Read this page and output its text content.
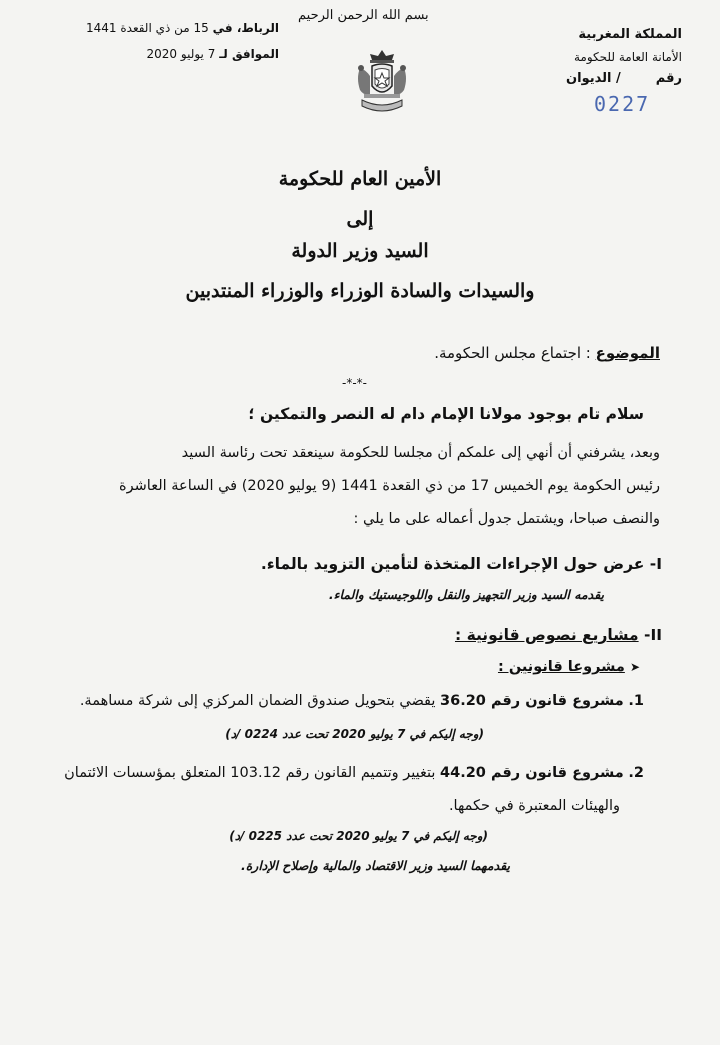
المملكة المغربية
الأمانة العامة للحكومة
رقم  / الديوان
0227
بسم الله الرحمن الرحيم
الرباط، في 15 من ذي القعدة 1441
الموافق لـ 7 يوليو 2020
الأمين العام للحكومة
إلى
السيد وزير الدولة
والسيدات والسادة الوزراء والوزراء المنتدبين
الموضوع : اجتماع مجلس الحكومة.
-*-*-
سلام تام بوجود مولانا الإمام دام له النصر والتمكين ؛
وبعد، يشرفني أن أنهي إلى علمكم أن مجلسا للحكومة سينعقد تحت رئاسة السيد
رئيس الحكومة يوم الخميس 17 من ذي القعدة 1441 (9 يوليو 2020) في الساعة العاشرة
والنصف صباحا، ويشتمل جدول أعماله على ما يلي :
I- عرض حول الإجراءات المتخذة لتأمين التزويد بالماء.
يقدمه السيد وزير التجهيز والنقل واللوجيستيك والماء.
II- مشاريع نصوص قانونية :
➤ مشروعا قانونين :
1. مشروع قانون رقم 36.20 يقضي بتحويل صندوق الضمان المركزي إلى شركة مساهمة.
(وجه إليكم في 7 يوليو 2020 تحت عدد 0224 /د)
2. مشروع قانون رقم 44.20 بتغيير وتتميم القانون رقم 103.12 المتعلق بمؤسسات الائتمان
والهيئات المعتبرة في حكمها.
(وجه إليكم في 7 يوليو 2020 تحت عدد 0225 /د)
يقدمهما السيد وزير الاقتصاد والمالية وإصلاح الإدارة.
